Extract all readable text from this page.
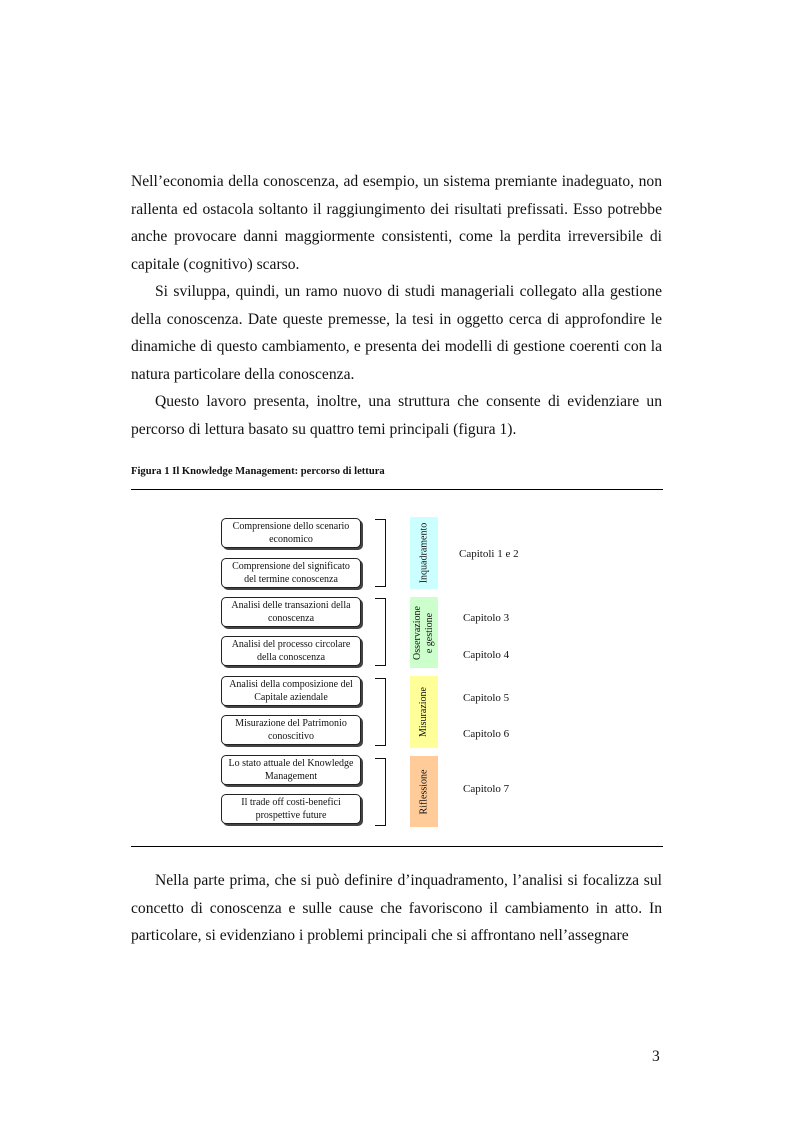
Nell’economia della conoscenza, ad esempio, un sistema premiante inadeguato, non rallenta ed ostacola soltanto il raggiungimento dei risultati prefissati. Esso potrebbe anche provocare danni maggiormente consistenti, come la perdita irreversibile di capitale (cognitivo) scarso.

Si sviluppa, quindi, un ramo nuovo di studi manageriali collegato alla gestione della conoscenza. Date queste premesse, la tesi in oggetto cerca di approfondire le dinamiche di questo cambiamento, e presenta dei modelli di gestione coerenti con la natura particolare della conoscenza.

Questo lavoro presenta, inoltre, una struttura che consente di evidenziare un percorso di lettura basato su quattro temi principali (figura 1).

Figura 1 Il Knowledge Management: percorso di lettura

Comprensione dello scenario economico
Comprensione del significato del termine conoscenza
Analisi delle transazioni della conoscenza
Analisi del processo circolare della conoscenza
Analisi della composizione del Capitale aziendale
Misurazione del Patrimonio conoscitivo
Lo stato attuale del Knowledge Management
Il trade off costi-benefici prospettive future
Inquadramento
Osservazione e gestione
Misurazione
Riflessione
Capitoli 1 e 2
Capitolo 3
Capitolo 4
Capitolo 5
Capitolo 6
Capitolo 7

Nella parte prima, che si può definire d’inquadramento, l’analisi si focalizza sul concetto di conoscenza e sulle cause che favoriscono il cambiamento in atto. In particolare, si evidenziano i problemi principali che si affrontano nell’assegnare

3
